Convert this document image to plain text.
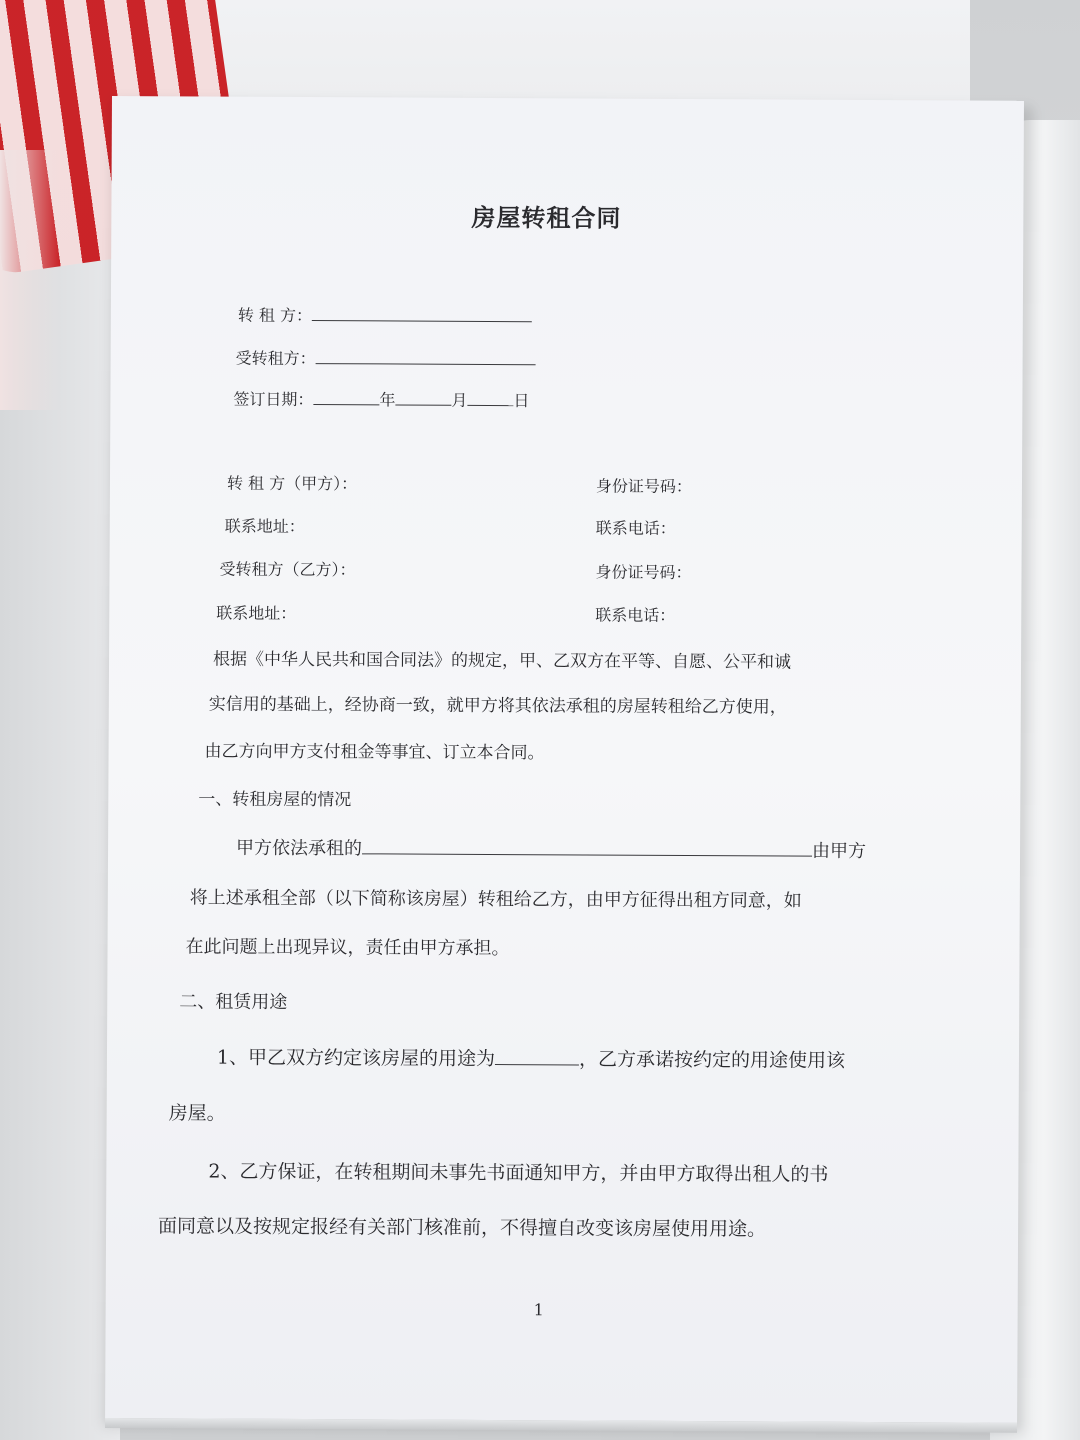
房屋转租合同
转 租 方：
受转租方：
签订日期：	年	月	日
转 租 方（甲方）：	身份证号码：
联系地址：	联系电话：
受转租方（乙方）：	身份证号码：
联系地址：	联系电话：
根据《中华人民共和国合同法》的规定，甲、乙双方在平等、自愿、公平和诚
实信用的基础上，经协商一致，就甲方将其依法承租的房屋转租给乙方使用，
由乙方向甲方支付租金等事宜、订立本合同。
一、转租房屋的情况
甲方依法承租的	由甲方
将上述承租全部（以下简称该房屋）转租给乙方，由甲方征得出租方同意，如
在此问题上出现异议，责任由甲方承担。
二、租赁用途
1、甲乙双方约定该房屋的用途为	，乙方承诺按约定的用途使用该
房屋。
2、乙方保证，在转租期间未事先书面通知甲方，并由甲方取得出租人的书
面同意以及按规定报经有关部门核准前，不得擅自改变该房屋使用用途。
1
